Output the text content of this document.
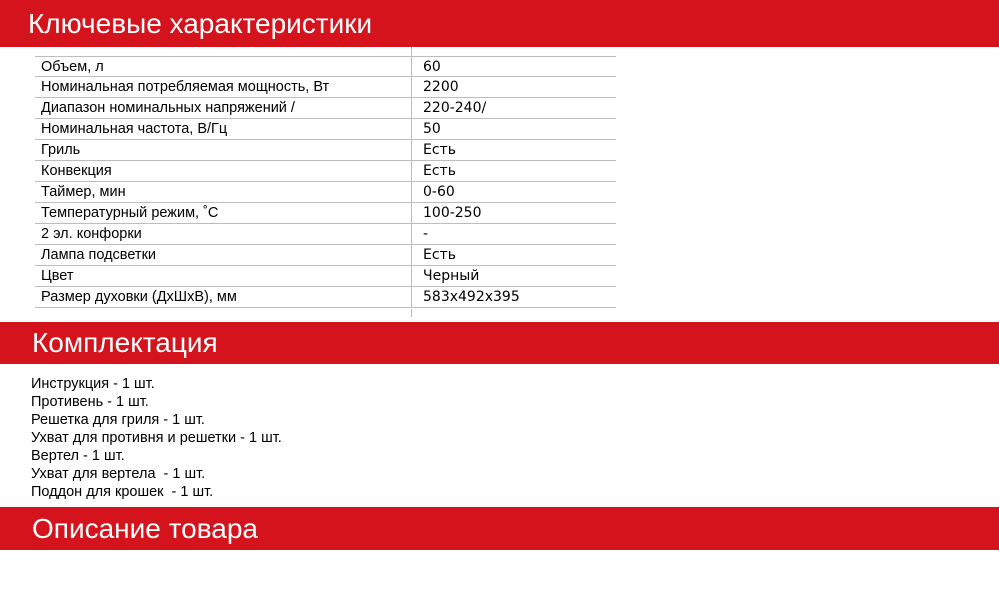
Ключевые характеристики
Объем, л	60
Номинальная потребляемая мощность, Вт	2200
Диапазон номинальных напряжений /	220-240/
Номинальная частота, В/Гц	50
Гриль	Есть
Конвекция	Есть
Таймер, мин	0-60
Температурный режим, ˚С	100-250
2 эл. конфорки	-
Лампа подсветки	Есть
Цвет	Черный
Размер духовки (ДхШхВ), мм	583x492x395
Комплектация
Инструкция - 1 шт.
Противень - 1 шт.
Решетка для гриля - 1 шт.
Ухват для противня и решетки - 1 шт.
Вертел - 1 шт.
Ухват для вертела  - 1 шт.
Поддон для крошек  - 1 шт.
Описание товара
